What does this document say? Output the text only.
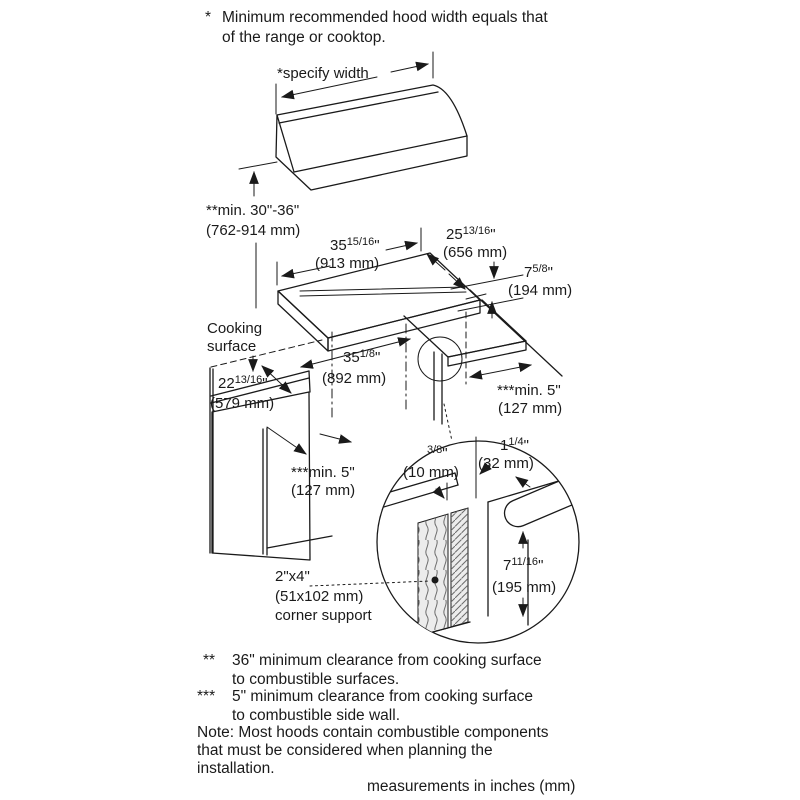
* Minimum recommended hood width equals that
of the range or cooktop.
*specify width
**min. 30"-36"
(762-914 mm)
Cooking
surface
$35^{15/16}$"
(913 mm)
$25^{13/16}$"
(656 mm)
$7^{5/8}$"
(194 mm)
***min. 5"
(127 mm)
$35^{1/8}$"
(892 mm)
$22^{13/16}$"
(579 mm)
***min. 5"
(127 mm)
$^{3/8}$"
(10 mm)
$1^{1/4}$"
(32 mm)
$7^{11/16}$"
(195 mm)
2"x4"
(51x102 mm)
corner support
** 36" minimum clearance from cooking surface
to combustible surfaces.
*** 5" minimum clearance from cooking surface
to combustible side wall.
Note: Most hoods contain combustible components
that must be considered when planning the
installation.
measurements in inches (mm)
